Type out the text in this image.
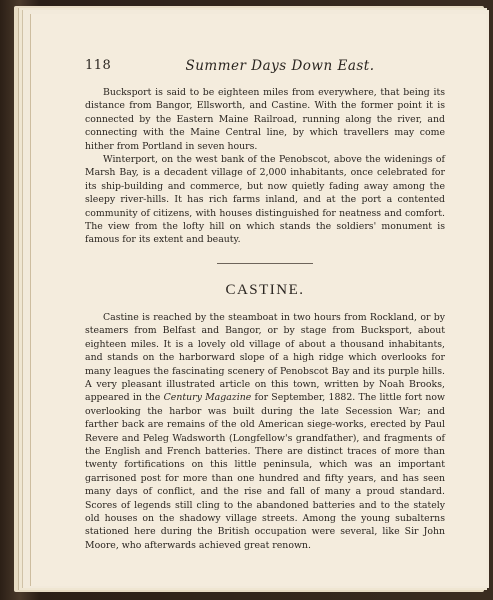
118	Summer Days Down East.

Bucksport is said to be eighteen miles from everywhere, that being its distance from Bangor, Ellsworth, and Castine. With the former point it is connected by the Eastern Maine Railroad, running along the river, and connecting with the Maine Central line, by which travellers may come hither from Portland in seven hours.

Winterport, on the west bank of the Penobscot, above the widenings of Marsh Bay, is a decadent village of 2,000 inhabitants, once celebrated for its ship-building and commerce, but now quietly fading away among the sleepy river-hills. It has rich farms inland, and at the port a contented community of citizens, with houses distinguished for neatness and comfort. The view from the lofty hill on which stands the soldiers' monument is famous for its extent and beauty.

CASTINE.

Castine is reached by the steamboat in two hours from Rockland, or by steamers from Belfast and Bangor, or by stage from Bucksport, about eighteen miles. It is a lovely old village of about a thousand inhabitants, and stands on the harborward slope of a high ridge which overlooks for many leagues the fascinating scenery of Penobscot Bay and its purple hills. A very pleasant illustrated article on this town, written by Noah Brooks, appeared in the Century Magazine for September, 1882. The little fort now overlooking the harbor was built during the late Secession War; and farther back are remains of the old American siege-works, erected by Paul Revere and Peleg Wadsworth (Longfellow's grandfather), and fragments of the English and French batteries. There are distinct traces of more than twenty fortifications on this little peninsula, which was an important garrisoned post for more than one hundred and fifty years, and has seen many days of conflict, and the rise and fall of many a proud standard. Scores of legends still cling to the abandoned batteries and to the stately old houses on the shadowy village streets. Among the young subalterns stationed here during the British occupation were several, like Sir John Moore, who afterwards achieved great renown.
